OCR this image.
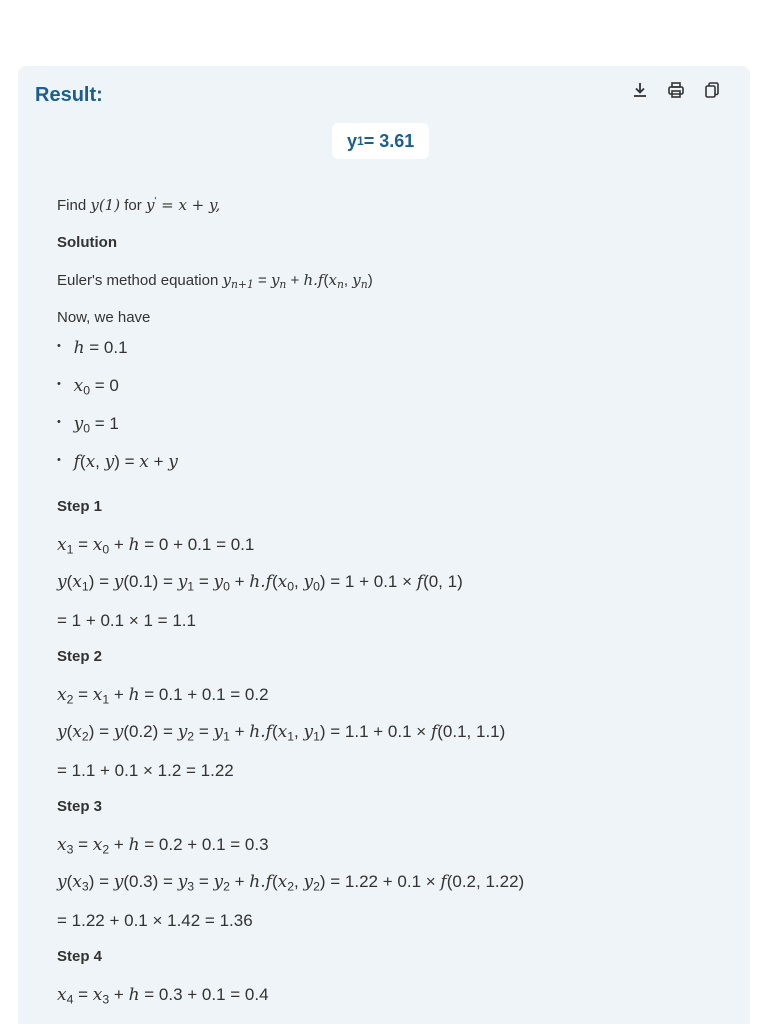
Result:
y 1 = 3.61
Find y(1) for y' = x + y,
Solution
Euler's method equation $y_{n+1} = y_n + h.f(x_n$, $y_n$)
Now, we have
• h = 0.1
• $x_0 = 0$
• $y_0 = 1$
• f(x, y) = x + y
Step 1
$x_1 = x_0 + h = 0 + 0.1 = 0.1$
$y(x_1) = y(0.1) = y_1 = y_0 + h.f(x_0$, $y_0) = 1 + 0.1 \times f(0$, 1)
= 1 + 0.1 × 1 = 1.1
Step 2
$x_2 = x_1 + h = 0.1 + 0.1 = 0.2$
$y(x_2) = y(0.2) = y_2 = y_1 + h.f(x_1$, $y_1) = 1.1 + 0.1 \times f(0.1$, 1.1)
= 1.1 + 0.1 × 1.2 = 1.22
Step 3
$x_3 = x_2 + h = 0.2 + 0.1 = 0.3$
$y(x_3) = y(0.3) = y_3 = y_2 + h.f(x_2$, $y_2) = 1.22 + 0.1 \times f(0.2$, 1.22)
= 1.22 + 0.1 × 1.42 = 1.36
Step 4
$x_4 = x_3 + h = 0.3 + 0.1 = 0.4$
